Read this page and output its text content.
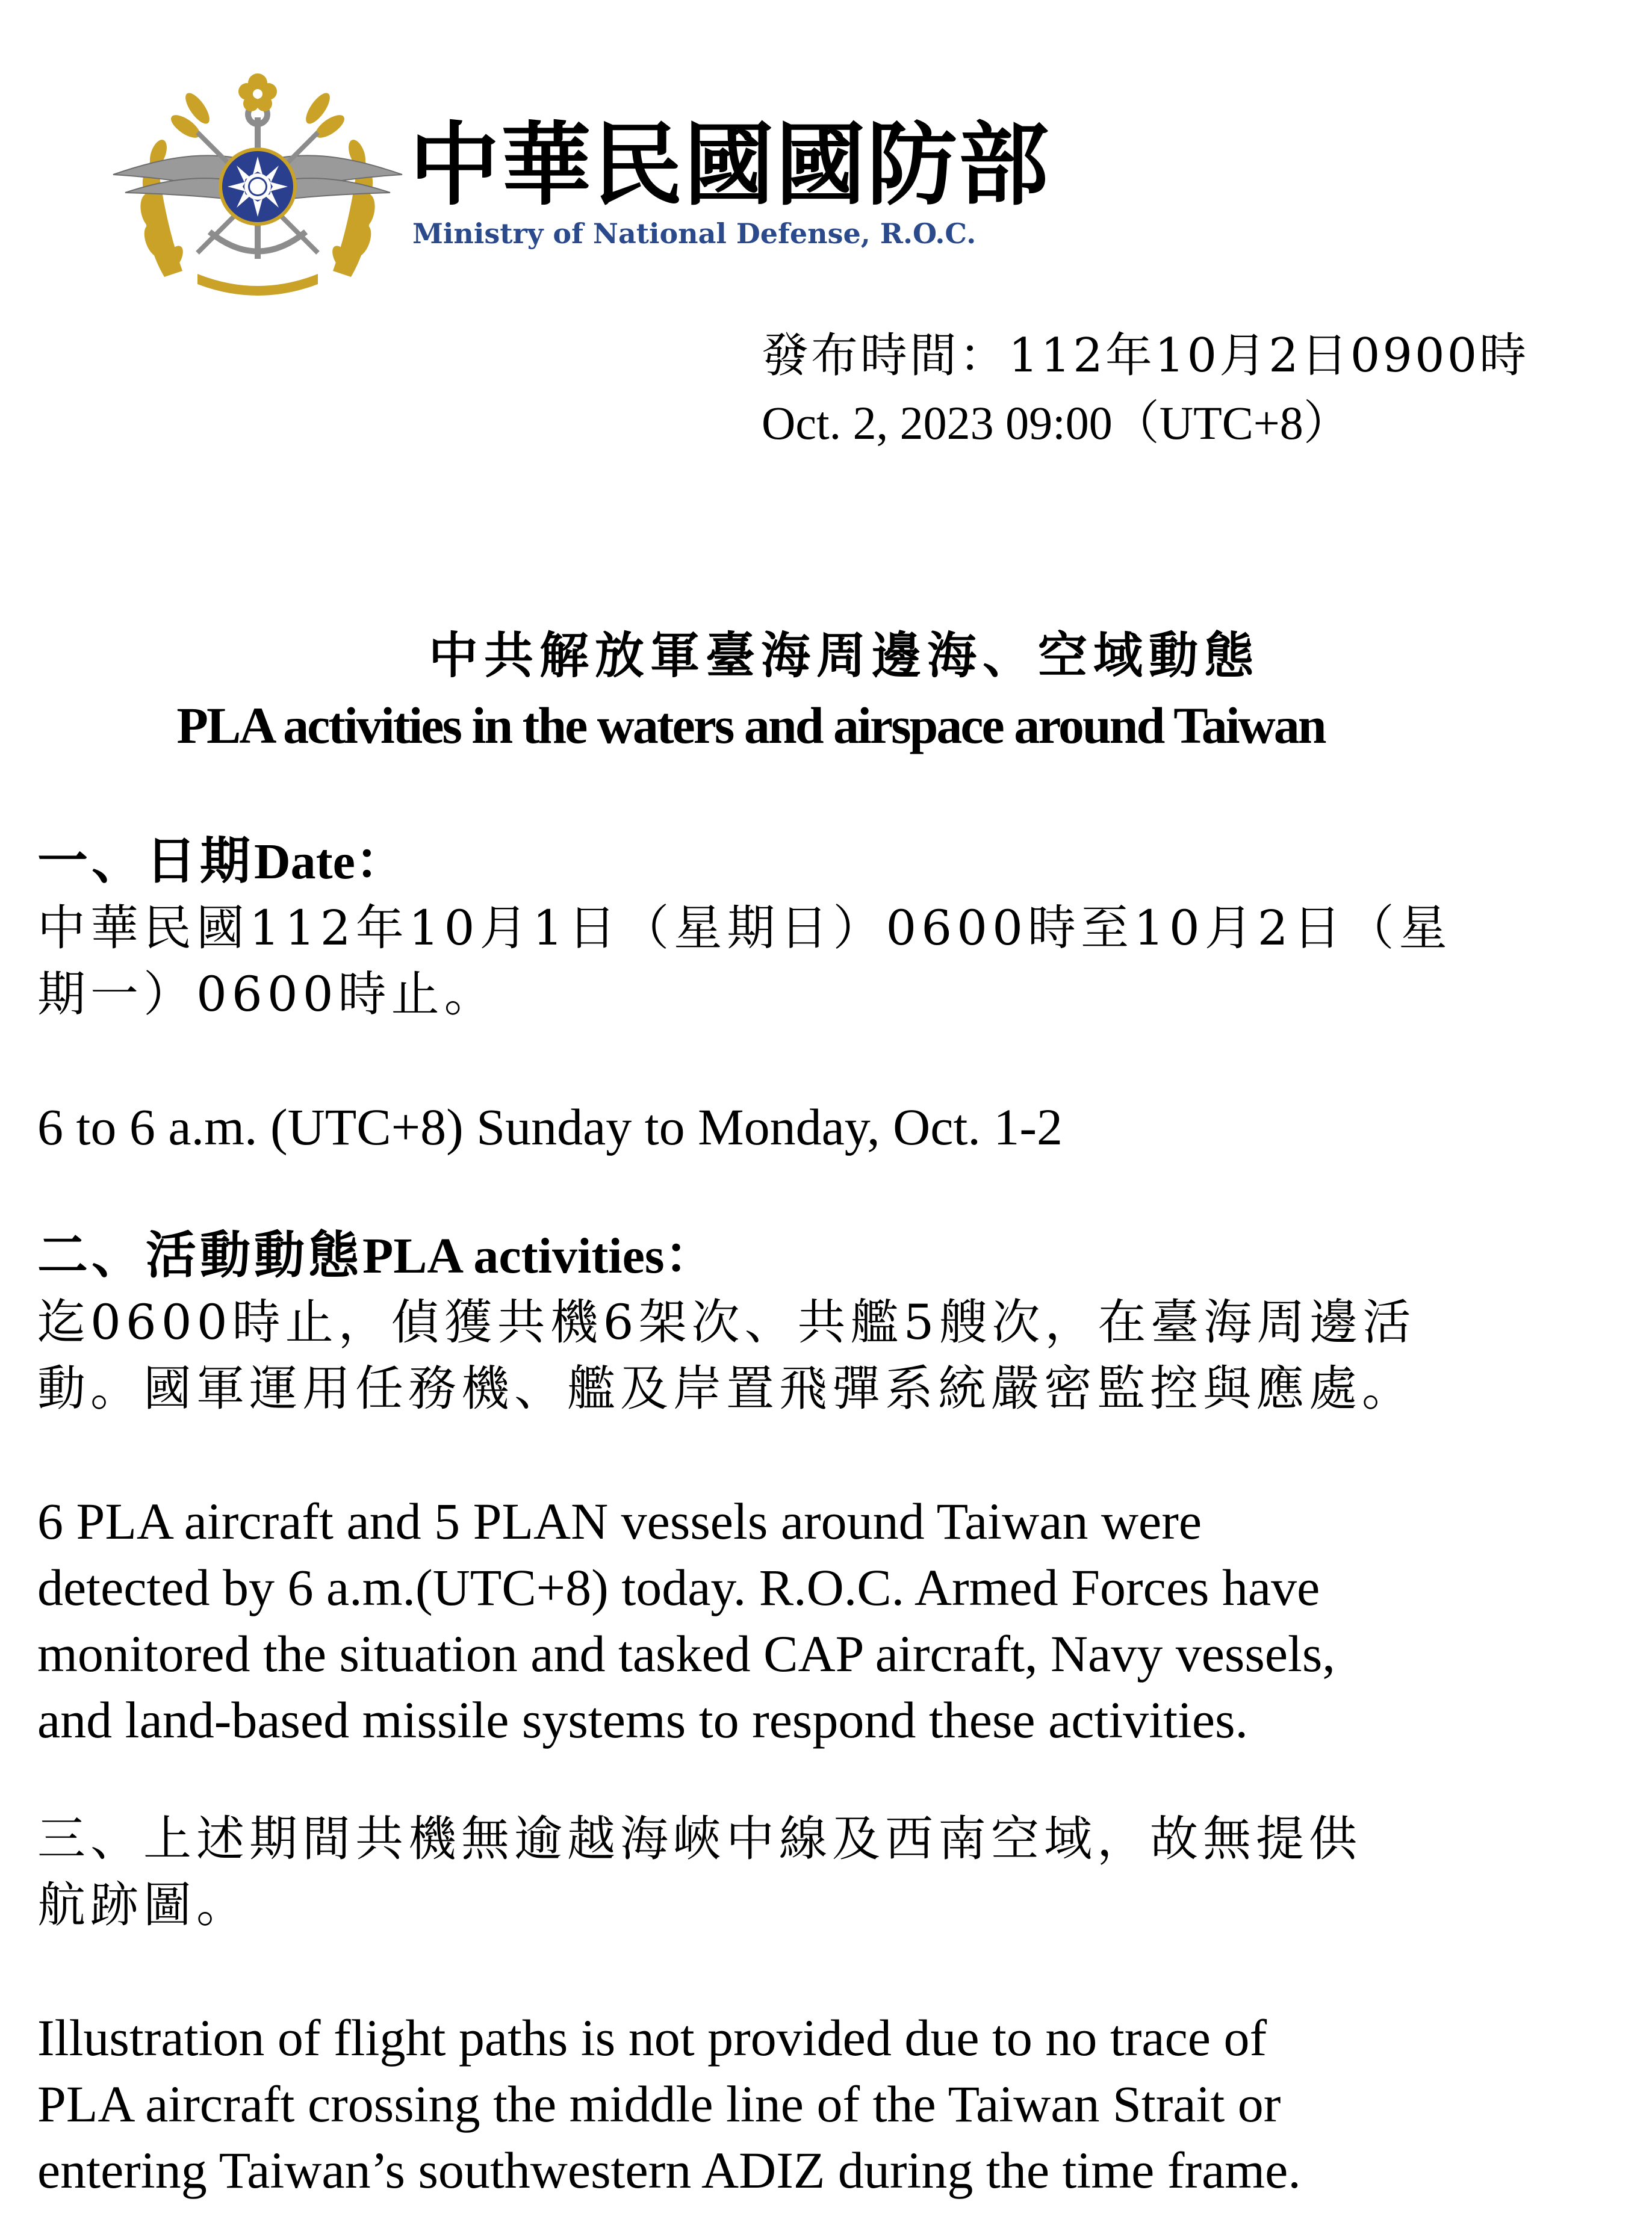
中華民國國防部
Ministry of National Defense, R.O.C.
發布時間：112年10月2日0900時
Oct. 2, 2023 09:00（UTC+8）
中共解放軍臺海周邊海、空域動態
PLA activities in the waters and airspace around Taiwan
一、日期Date：
中華民國112年10月1日（星期日）0600時至10月2日（星
期一）0600時止。
6 to 6 a.m. (UTC+8) Sunday to Monday, Oct. 1-2
二、活動動態PLA activities：
迄0600時止，偵獲共機6架次、共艦5艘次，在臺海周邊活
動。國軍運用任務機、艦及岸置飛彈系統嚴密監控與應處。
6 PLA aircraft and 5 PLAN vessels around Taiwan were
detected by 6 a.m.(UTC+8) today. R.O.C. Armed Forces have
monitored the situation and tasked CAP aircraft, Navy vessels,
and land-based missile systems to respond these activities.
三、上述期間共機無逾越海峽中線及西南空域，故無提供
航跡圖。
Illustration of flight paths is not provided due to no trace of
PLA aircraft crossing the middle line of the Taiwan Strait or
entering Taiwan’s southwestern ADIZ during the time frame.
